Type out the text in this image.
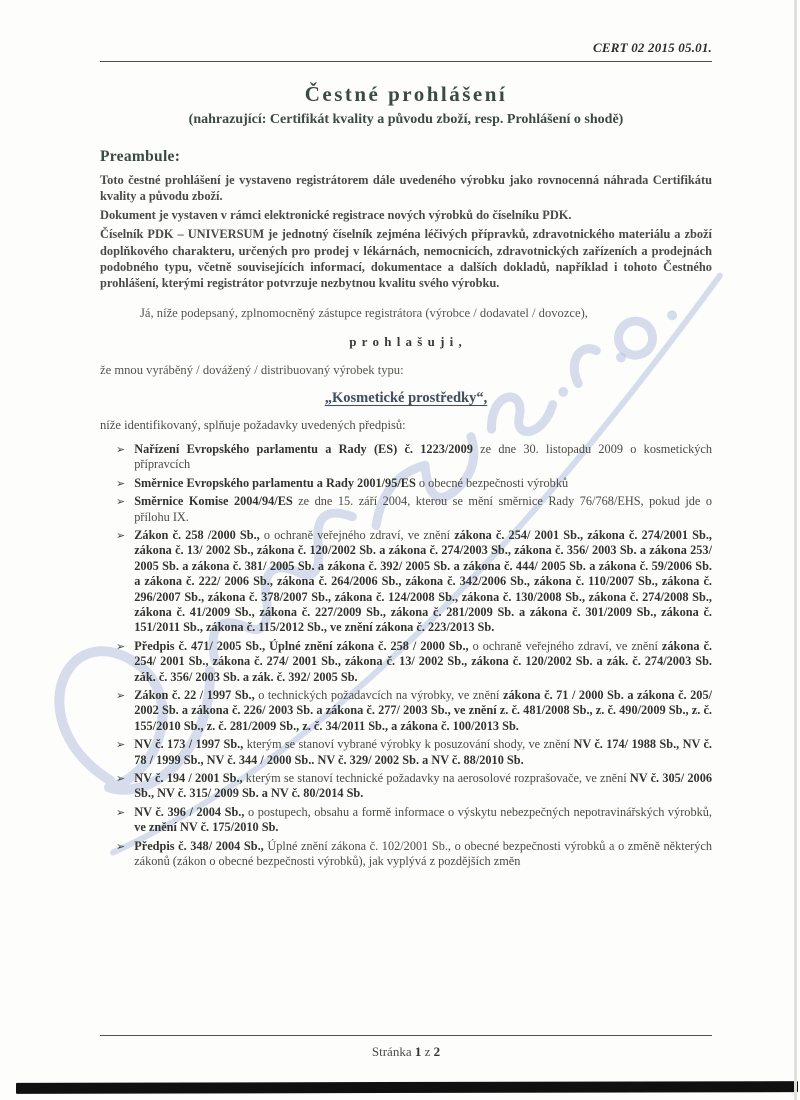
CERT 02 2015 05.01.
Čestné prohlášení
(nahrazující: Certifikát kvality a původu zboží, resp. Prohlášení o shodě)
Preambule:

Toto čestné prohlášení je vystaveno registrátorem dále uvedeného výrobku jako rovnocenná náhrada Certifikátu kvality a původu zboží.

Dokument je vystaven v rámci elektronické registrace nových výrobků do číselníku PDK.

Číselník PDK – UNIVERSUM je jednotný číselník zejména léčivých přípravků, zdravotnického materiálu a zboží doplňkového charakteru, určených pro prodej v lékárnách, nemocnicích, zdravotnických zařízeních a prodejnách podobného typu, včetně souvisejících informací, dokumentace a dalších dokladů, například i tohoto Čestného prohlášení, kterými registrátor potvrzuje nezbytnou kvalitu svého výrobku.

Já, níže podepsaný, zplnomocněný zástupce registrátora (výrobce / dodavatel / dovozce),

p r o h l a š u j i ,

že mnou vyráběný / dovážený / distribuovaný výrobek typu:

„Kosmetické prostředky“,

níže identifikovaný, splňuje požadavky uvedených předpisů:

➢ Nařízení Evropského parlamentu a Rady (ES) č. 1223/2009 ze dne 30. listopadu 2009 o kosmetických přípravcích
➢ Směrnice Evropského parlamentu a Rady 2001/95/ES o obecné bezpečnosti výrobků
➢ Směrnice Komise 2004/94/ES ze dne 15. září 2004, kterou se mění směrnice Rady 76/768/EHS, pokud jde o přílohu IX.
➢ Zákon č. 258 /2000 Sb., o ochraně veřejného zdraví, ve znění zákona č. 254/ 2001 Sb., zákona č. 274/2001 Sb., zákona č. 13/ 2002 Sb., zákona č. 120/2002 Sb. a zákona č. 274/2003 Sb., zákona č. 356/ 2003 Sb. a zákona 253/ 2005 Sb. a zákona č. 381/ 2005 Sb. a zákona č. 392/ 2005 Sb. a zákona č. 444/ 2005 Sb. a zákona č. 59/2006 Sb. a zákona č. 222/ 2006 Sb., zákona č. 264/2006 Sb., zákona č. 342/2006 Sb., zákona č. 110/2007 Sb., zákona č. 296/2007 Sb., zákona č. 378/2007 Sb., zákona č. 124/2008 Sb., zákona č. 130/2008 Sb., zákona č. 274/2008 Sb., zákona č. 41/2009 Sb., zákona č. 227/2009 Sb., zákona č. 281/2009 Sb. a zákona č. 301/2009 Sb., zákona č. 151/2011 Sb., zákona č. 115/2012 Sb., ve znění zákona č. 223/2013 Sb.
➢ Předpis č. 471/ 2005 Sb., Úplné znění zákona č. 258 / 2000 Sb., o ochraně veřejného zdraví, ve znění zákona č. 254/ 2001 Sb., zákona č. 274/ 2001 Sb., zákona č. 13/ 2002 Sb., zákona č. 120/2002 Sb. a zák. č. 274/2003 Sb. zák. č. 356/ 2003 Sb. a zák. č. 392/ 2005 Sb.
➢ Zákon č. 22 / 1997 Sb., o technických požadavcích na výrobky, ve znění zákona č. 71 / 2000 Sb. a zákona č. 205/ 2002 Sb. a zákona č. 226/ 2003 Sb. a zákona č. 277/ 2003 Sb., ve znění z. č. 481/2008 Sb., z. č. 490/2009 Sb., z. č. 155/2010 Sb., z. č. 281/2009 Sb., z. č. 34/2011 Sb., a zákona č. 100/2013 Sb.
➢ NV č. 173 / 1997 Sb., kterým se stanoví vybrané výrobky k posuzování shody, ve znění NV č. 174/ 1988 Sb., NV č. 78 / 1999 Sb., NV č. 344 / 2000 Sb.. NV č. 329/ 2002 Sb. a NV č. 88/2010 Sb.
➢ NV č. 194 / 2001 Sb., kterým se stanoví technické požadavky na aerosolové rozprašovače, ve znění NV č. 305/ 2006 Sb., NV č. 315/ 2009 Sb. a NV č. 80/2014 Sb.
➢ NV č. 396 / 2004 Sb., o postupech, obsahu a formě informace o výskytu nebezpečných nepotravinářských výrobků, ve znění NV č. 175/2010 Sb.
➢ Předpis č. 348/ 2004 Sb., Úplné znění zákona č. 102/2001 Sb., o obecné bezpečnosti výrobků a o změně některých zákonů (zákon o obecné bezpečnosti výrobků), jak vyplývá z pozdějších změn
Stránka 1 z 2
